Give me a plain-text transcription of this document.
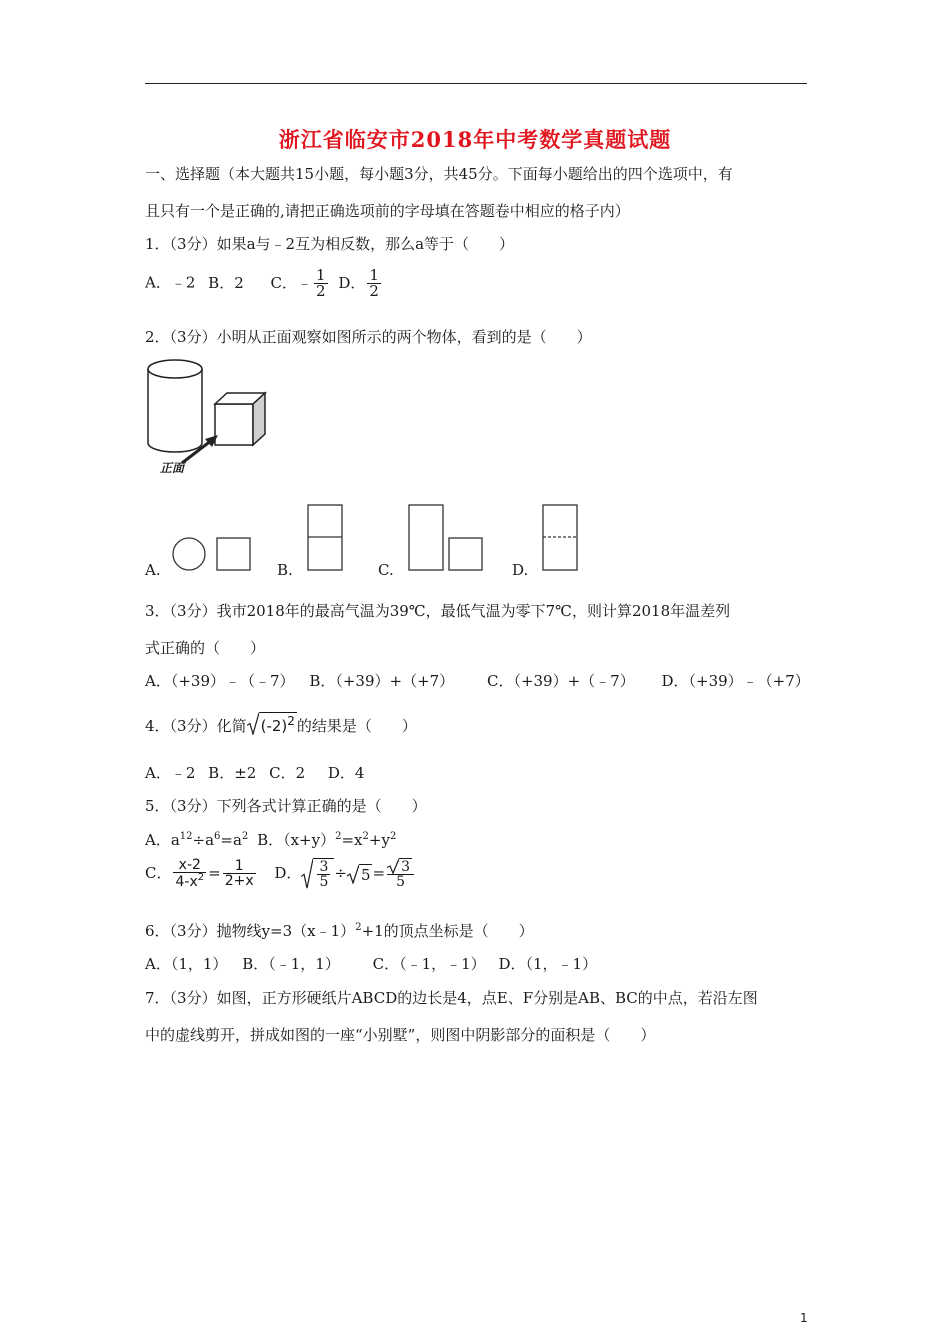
浙江省临安市2018年中考数学真题试题
一、选择题（本大题共15小题，每小题3分，共45分。下面每小题给出的四个选项中，有
且只有一个是正确的,请把正确选项前的字母填在答题卷中相应的格子内）
1．（3分）如果a与﹣2互为相反数，那么a等于（　　）
A．﹣2 B．2 C．﹣ $\frac{1}{2}$ D． $\frac{1}{2}$
2．（3分）小明从正面观察如图所示的两个物体，看到的是（　　）
正面
A.	B.	C.	D.
3．（3分）我市2018年的最高气温为39℃，最低气温为零下7℃，则计算2018年温差列
式正确的（　　）
A．（+39）﹣（﹣7） B．（+39）+（+7） C．（+39）+（﹣7） D．（+39）﹣（+7）
4．（3分）化简 $(-2)^2$ 的结果是（　　）
A．﹣2 B．±2 C．2 D．4
5．（3分）下列各式计算正确的是（　　）
A．$a^{12}\div a^6=a^2$ B．$(x+y)^2=x^2+y^2$
C． $\frac{x-2}{4-x^2} = \frac{1}{2+x}$ D． $\frac{3}{5} \div 5 = \frac{3}{5}$
6．（3分）抛物线y=3（x﹣1）$^2$+1的顶点坐标是（　　）
A．（1，1） B．（﹣1，1） C．（﹣1，﹣1） D．（1，﹣1）
7．（3分）如图，正方形硬纸片ABCD的边长是4，点E、F分别是AB、BC的中点，若沿左图
中的虚线剪开，拼成如图的一座“小别墅”，则图中阴影部分的面积是（　　）
1
